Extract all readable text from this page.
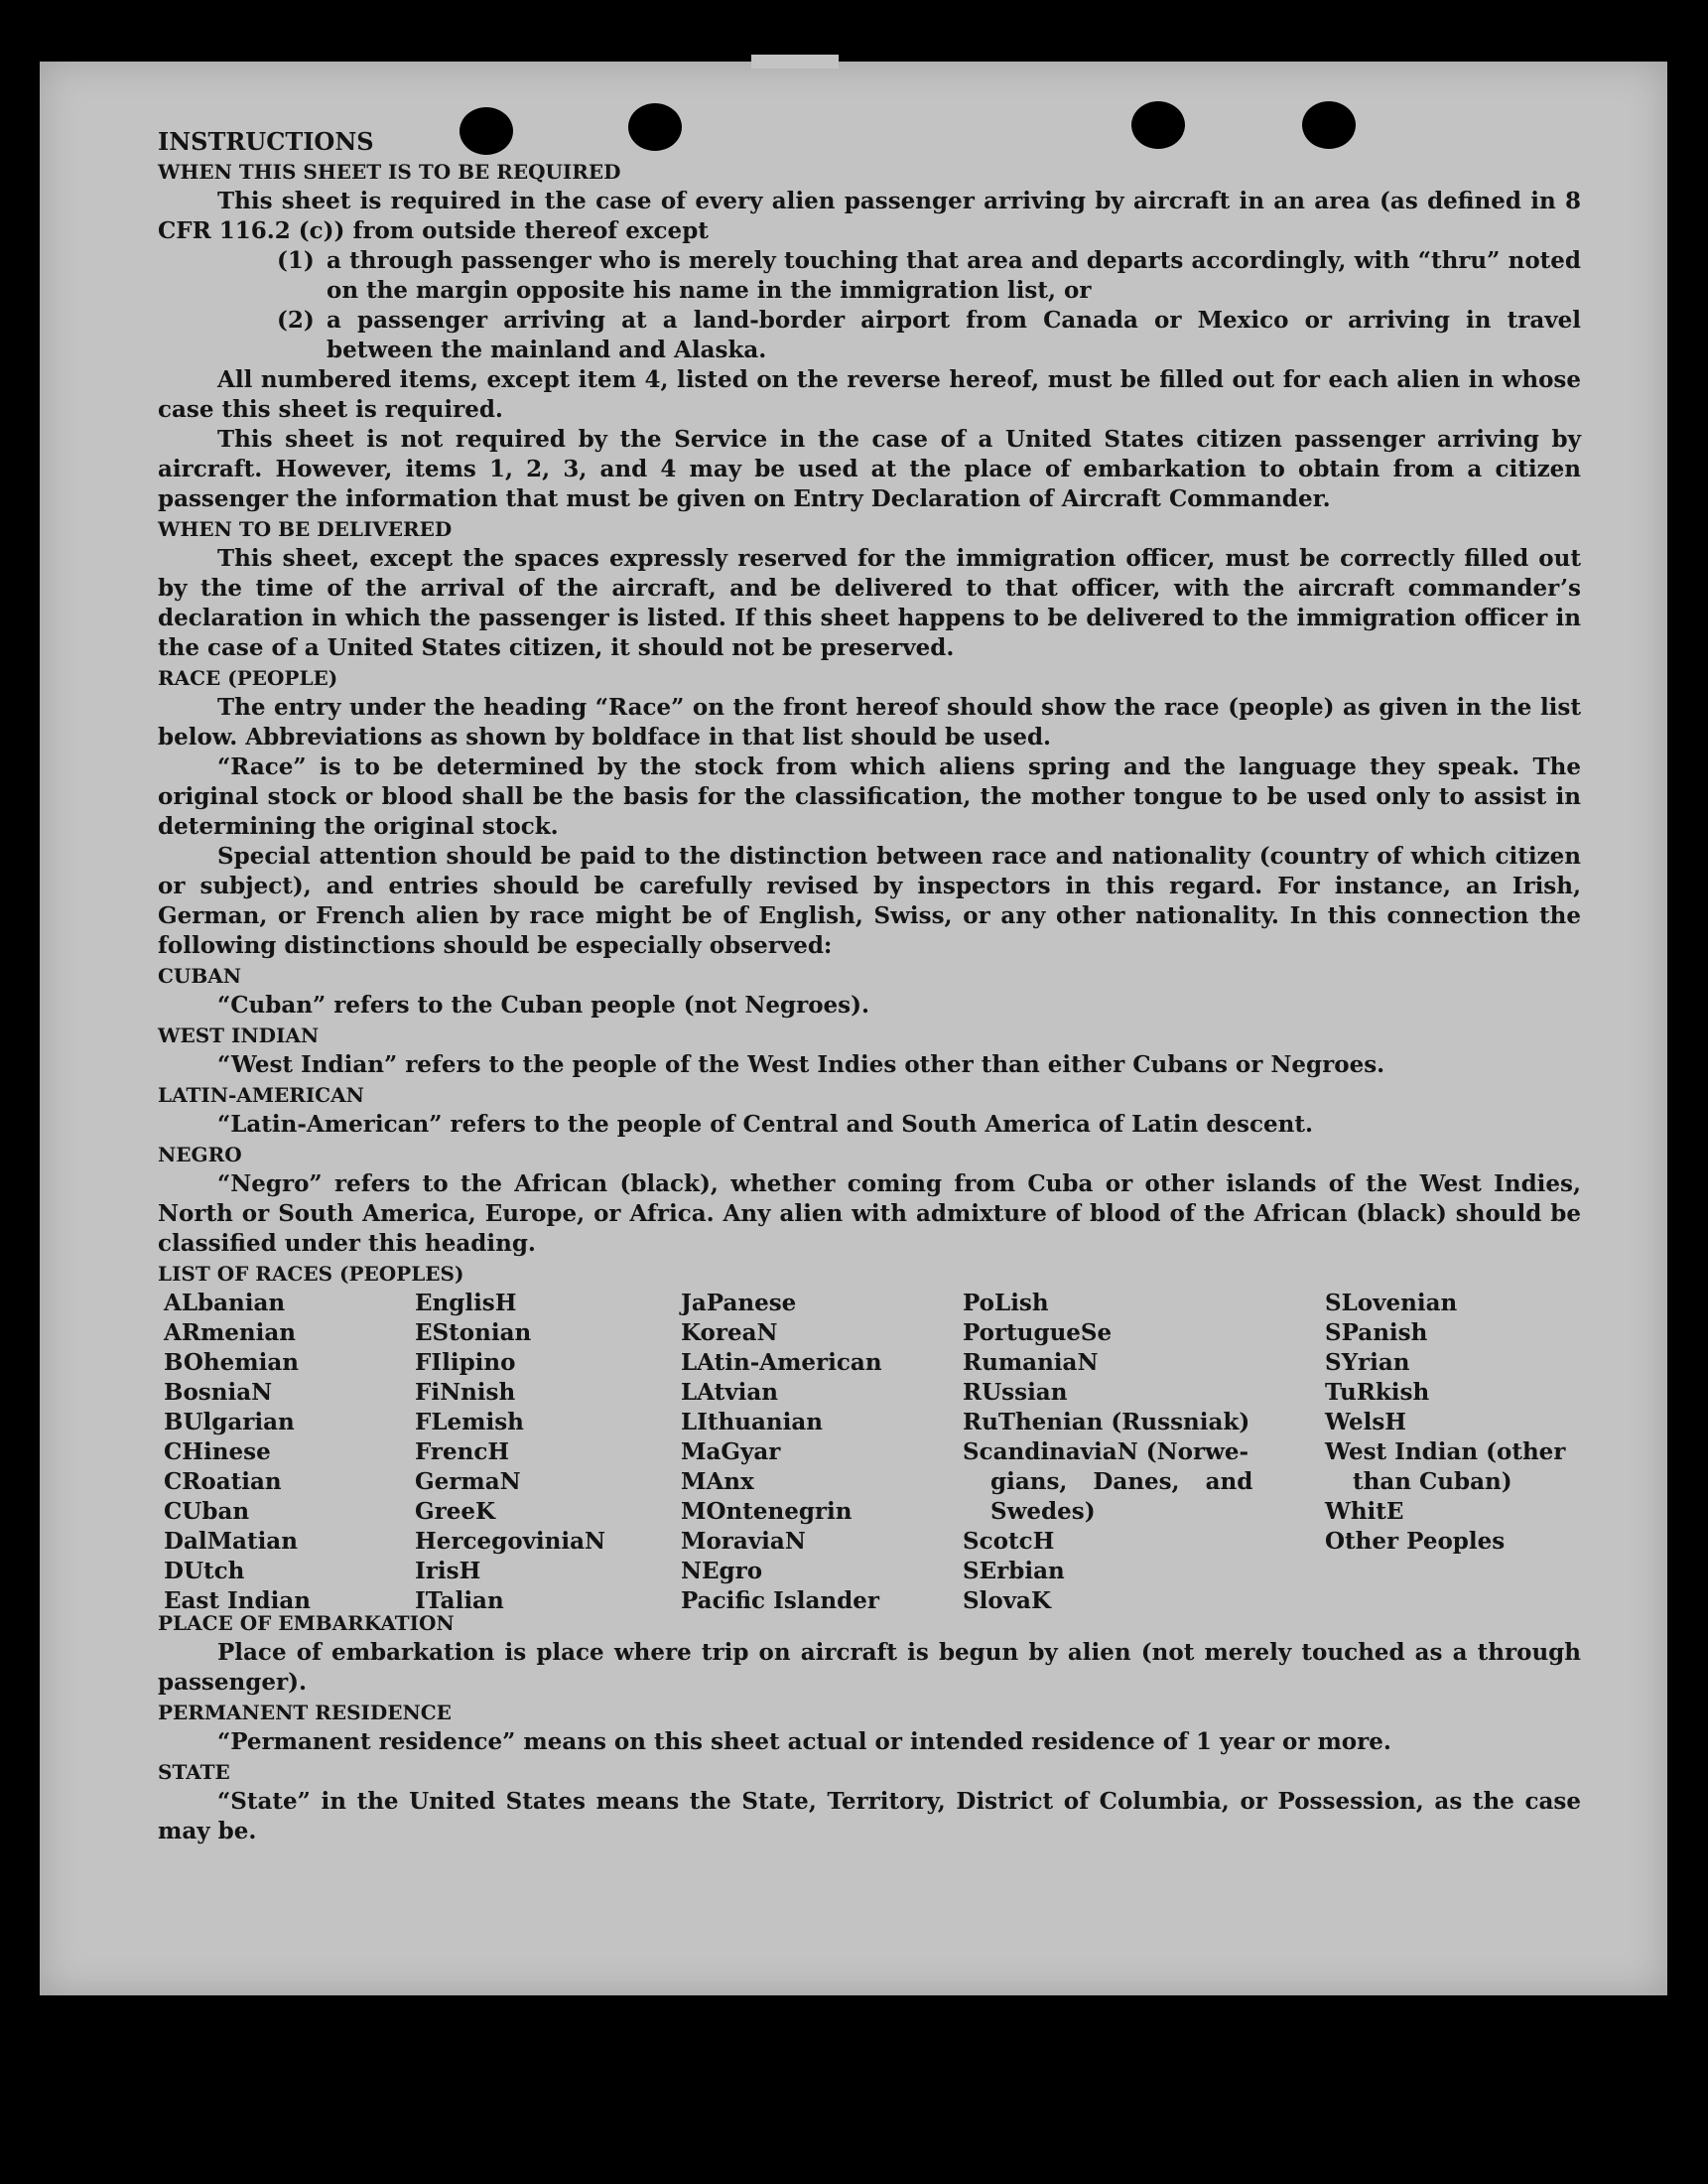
INSTRUCTIONS

WHEN THIS SHEET IS TO BE REQUIRED

This sheet is required in the case of every alien passenger arriving by aircraft in an area (as defined in 8 CFR 116.2 (c)) from outside thereof except

(1) a through passenger who is merely touching that area and departs accordingly, with “thru” noted on the margin opposite his name in the immigration list, or
(2) a passenger arriving at a land-border airport from Canada or Mexico or arriving in travel between the mainland and Alaska.

All numbered items, except item 4, listed on the reverse hereof, must be filled out for each alien in whose case this sheet is required.

This sheet is not required by the Service in the case of a United States citizen passenger arriving by aircraft. However, items 1, 2, 3, and 4 may be used at the place of embarkation to obtain from a citizen passenger the information that must be given on Entry Declaration of Aircraft Commander.

WHEN TO BE DELIVERED

This sheet, except the spaces expressly reserved for the immigration officer, must be correctly filled out by the time of the arrival of the aircraft, and be delivered to that officer, with the aircraft commander’s declaration in which the passenger is listed. If this sheet happens to be delivered to the immigration officer in the case of a United States citizen, it should not be preserved.

RACE (PEOPLE)

The entry under the heading “Race” on the front hereof should show the race (people) as given in the list below. Abbreviations as shown by boldface in that list should be used.

“Race” is to be determined by the stock from which aliens spring and the language they speak. The original stock or blood shall be the basis for the classification, the mother tongue to be used only to assist in determining the original stock.

Special attention should be paid to the distinction between race and nationality (country of which citizen or subject), and entries should be carefully revised by inspectors in this regard. For instance, an Irish, German, or French alien by race might be of English, Swiss, or any other nationality. In this connection the following distinctions should be especially observed:

CUBAN

“Cuban” refers to the Cuban people (not Negroes).

WEST INDIAN

“West Indian” refers to the people of the West Indies other than either Cubans or Negroes.

LATIN-AMERICAN

“Latin-American” refers to the people of Central and South America of Latin descent.

NEGRO

“Negro” refers to the African (black), whether coming from Cuba or other islands of the West Indies, North or South America, Europe, or Africa. Any alien with admixture of blood of the African (black) should be classified under this heading.

LIST OF RACES (PEOPLES)

ALbanian
ARmenian
BOhemian
BosniaN
BUlgarian
CHinese
CRoatian
CUban
DalMatian
DUtch
East Indian
EnglisH
EStonian
FIlipino
FiNnish
FLemish
FrencH
GermaN
GreeK
HercegovinіaN
IrisH
ITalian
JaPanese
KoreaN
LAtin-American
LAtvian
LIthuanian
MaGyar
MAnx
MOntenegrin
MoraviaN
NEgro
Pacific Islander
PoLish
PortugueSe
RumaniaN
RUssian
RuThenian (Russniak)
ScandinaviaN (Norwe-
gians, Danes, and
Swedes)
ScotcH
SErbian
SlovaK
SLovenian
SPanish
SYrian
TuRkish
WelsH
West Indian (other
than Cuban)
WhitE
Other Peoples

PLACE OF EMBARKATION

Place of embarkation is place where trip on aircraft is begun by alien (not merely touched as a through passenger).

PERMANENT RESIDENCE

“Permanent residence” means on this sheet actual or intended residence of 1 year or more.

STATE

“State” in the United States means the State, Territory, District of Columbia, or Possession, as the case may be.
